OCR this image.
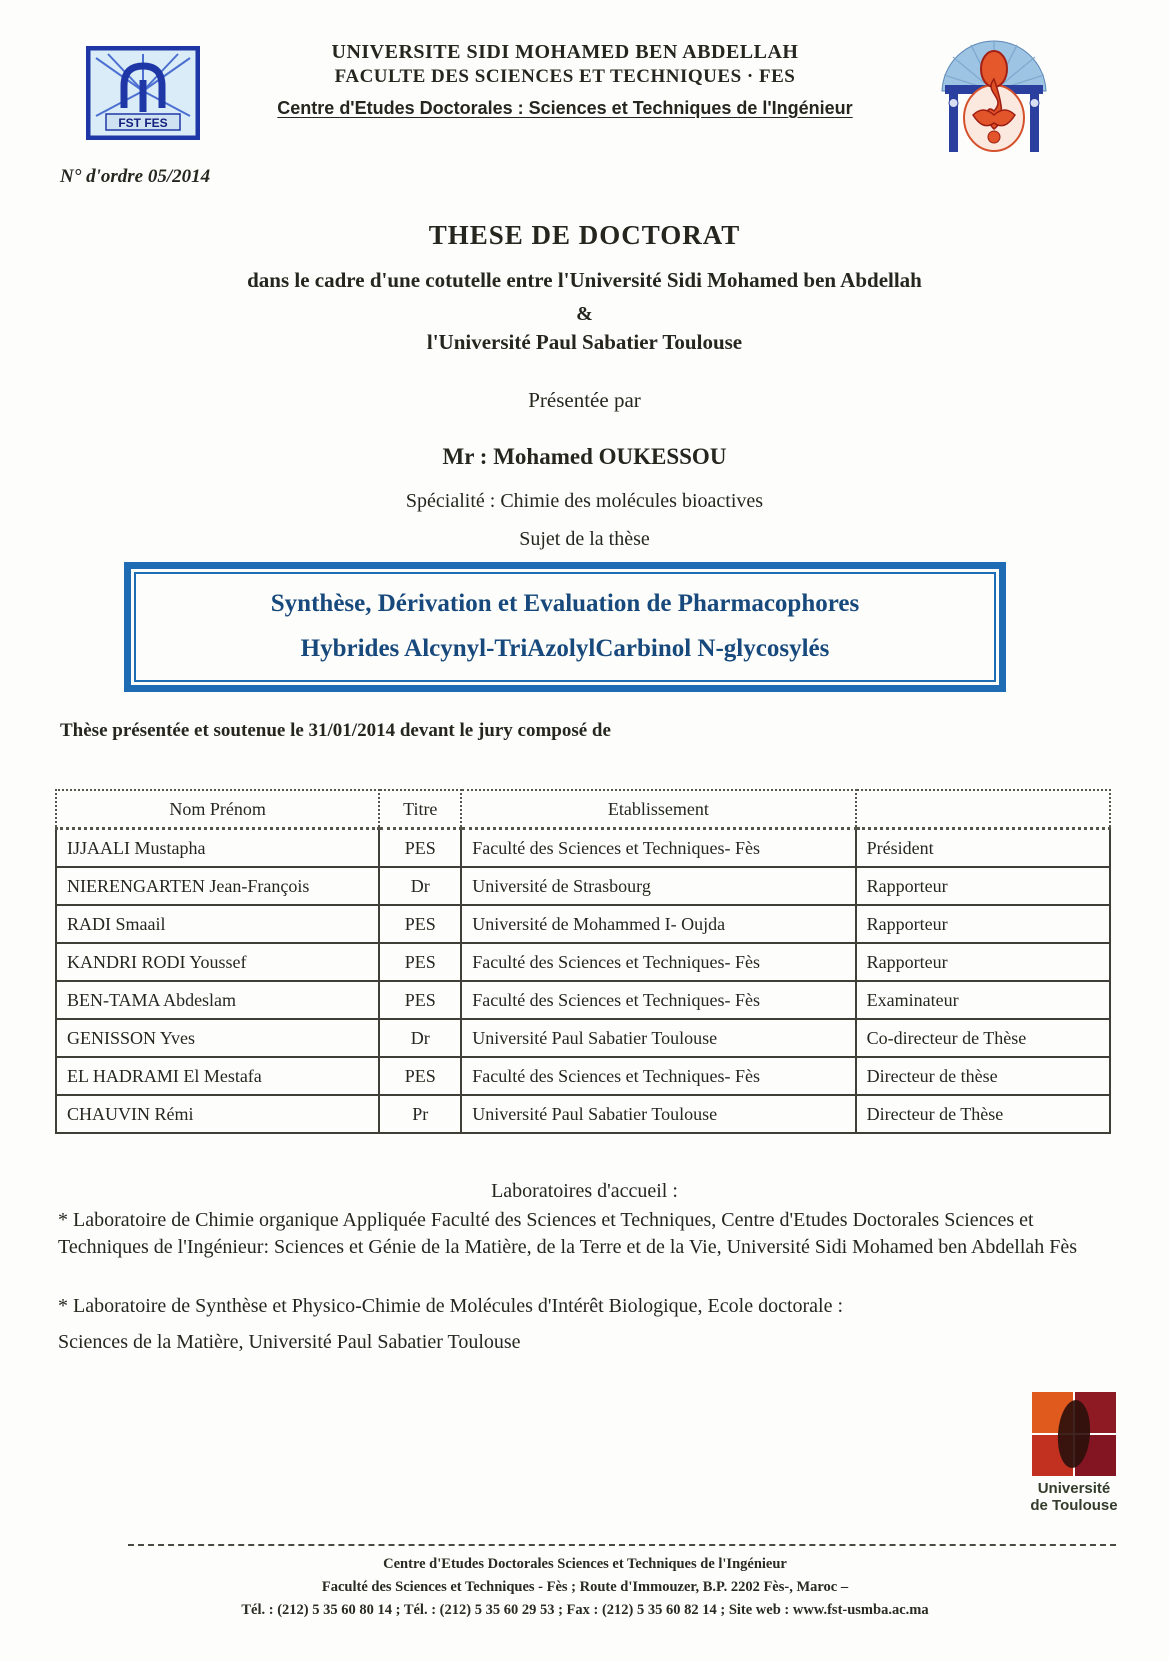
FST FES
UNIVERSITE SIDI MOHAMED BEN ABDELLAH
FACULTE DES SCIENCES ET TECHNIQUES · FES
Centre d'Etudes Doctorales : Sciences et Techniques de l'Ingénieur
N° d'ordre 05/2014
THESE DE DOCTORAT
dans le cadre d'une cotutelle entre l'Université Sidi Mohamed ben Abdellah
&
l'Université Paul Sabatier Toulouse
Présentée par
Mr : Mohamed OUKESSOU
Spécialité : Chimie des molécules bioactives
Sujet de la thèse
Synthèse, Dérivation et Evaluation de Pharmacophores
Hybrides Alcynyl-TriAzolylCarbinol N-glycosylés
Thèse présentée et soutenue le 31/01/2014 devant le jury composé de
Nom Prénom	Titre	Etablissement	
IJJAALI Mustapha	PES	Faculté des Sciences et Techniques- Fès	Président
NIERENGARTEN Jean-François	Dr	Université de Strasbourg	Rapporteur
RADI Smaail	PES	Université de Mohammed I- Oujda	Rapporteur
KANDRI RODI Youssef	PES	Faculté des Sciences et Techniques- Fès	Rapporteur
BEN-TAMA Abdeslam	PES	Faculté des Sciences et Techniques- Fès	Examinateur
GENISSON Yves	Dr	Université Paul Sabatier Toulouse	Co-directeur de Thèse
EL HADRAMI El Mestafa	PES	Faculté des Sciences et Techniques- Fès	Directeur de thèse
CHAUVIN Rémi	Pr	Université Paul Sabatier Toulouse	Directeur de Thèse
Laboratoires d'accueil :
* Laboratoire de Chimie organique Appliquée Faculté des Sciences et Techniques, Centre d'Etudes Doctorales Sciences et Techniques de l'Ingénieur: Sciences et Génie de la Matière, de la Terre et de la Vie, Université Sidi Mohamed ben Abdellah Fès
* Laboratoire de Synthèse et Physico-Chimie de Molécules d'Intérêt Biologique, Ecole doctorale :
Sciences de la Matière, Université Paul Sabatier Toulouse
Université
de Toulouse
Centre d'Etudes Doctorales Sciences et Techniques de l'Ingénieur
Faculté des Sciences et Techniques - Fès ; Route d'Immouzer, B.P. 2202 Fès-, Maroc –
Tél. : (212) 5 35 60 80 14 ; Tél. : (212) 5 35 60 29 53 ; Fax : (212) 5 35 60 82 14 ; Site web : www.fst-usmba.ac.ma
